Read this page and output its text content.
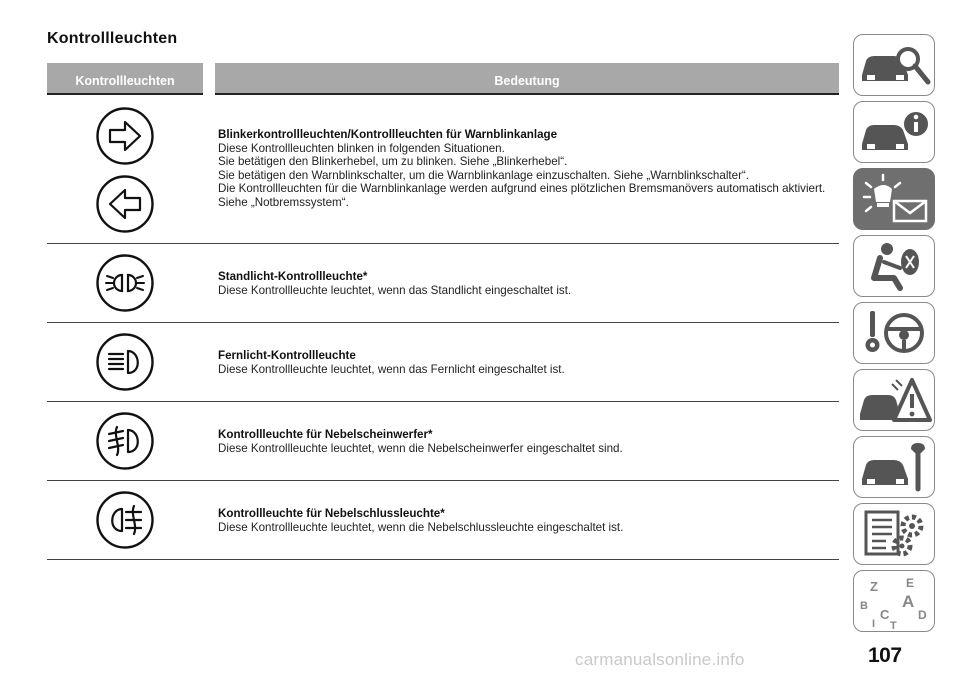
Kontrollleuchten
Kontrollleuchten	Bedeutung
Blinkerkontrollleuchten/Kontrollleuchten für Warnblinkanlage
Diese Kontrollleuchten blinken in folgenden Situationen.
Sie betätigen den Blinkerhebel, um zu blinken. Siehe „Blinkerhebel“.
Sie betätigen den Warnblinkschalter, um die Warnblinkanlage einzuschalten. Siehe „Warnblinkschalter“.
Die Kontrollleuchten für die Warnblinkanlage werden aufgrund eines plötzlichen Bremsmanövers automatisch aktiviert. Siehe „Notbremssystem“.
Standlicht-Kontrollleuchte*
Diese Kontrollleuchte leuchtet, wenn das Standlicht eingeschaltet ist.
Fernlicht-Kontrollleuchte
Diese Kontrollleuchte leuchtet, wenn das Fernlicht eingeschaltet ist.
Kontrollleuchte für Nebelscheinwerfer*
Diese Kontrollleuchte leuchtet, wenn die Nebelscheinwerfer eingeschaltet sind.
Kontrollleuchte für Nebelschlussleuchte*
Diese Kontrollleuchte leuchtet, wenn die Nebelschlussleuchte eingeschaltet ist.
Z E
B A
C D
I T
107
carmanualsonline.info
